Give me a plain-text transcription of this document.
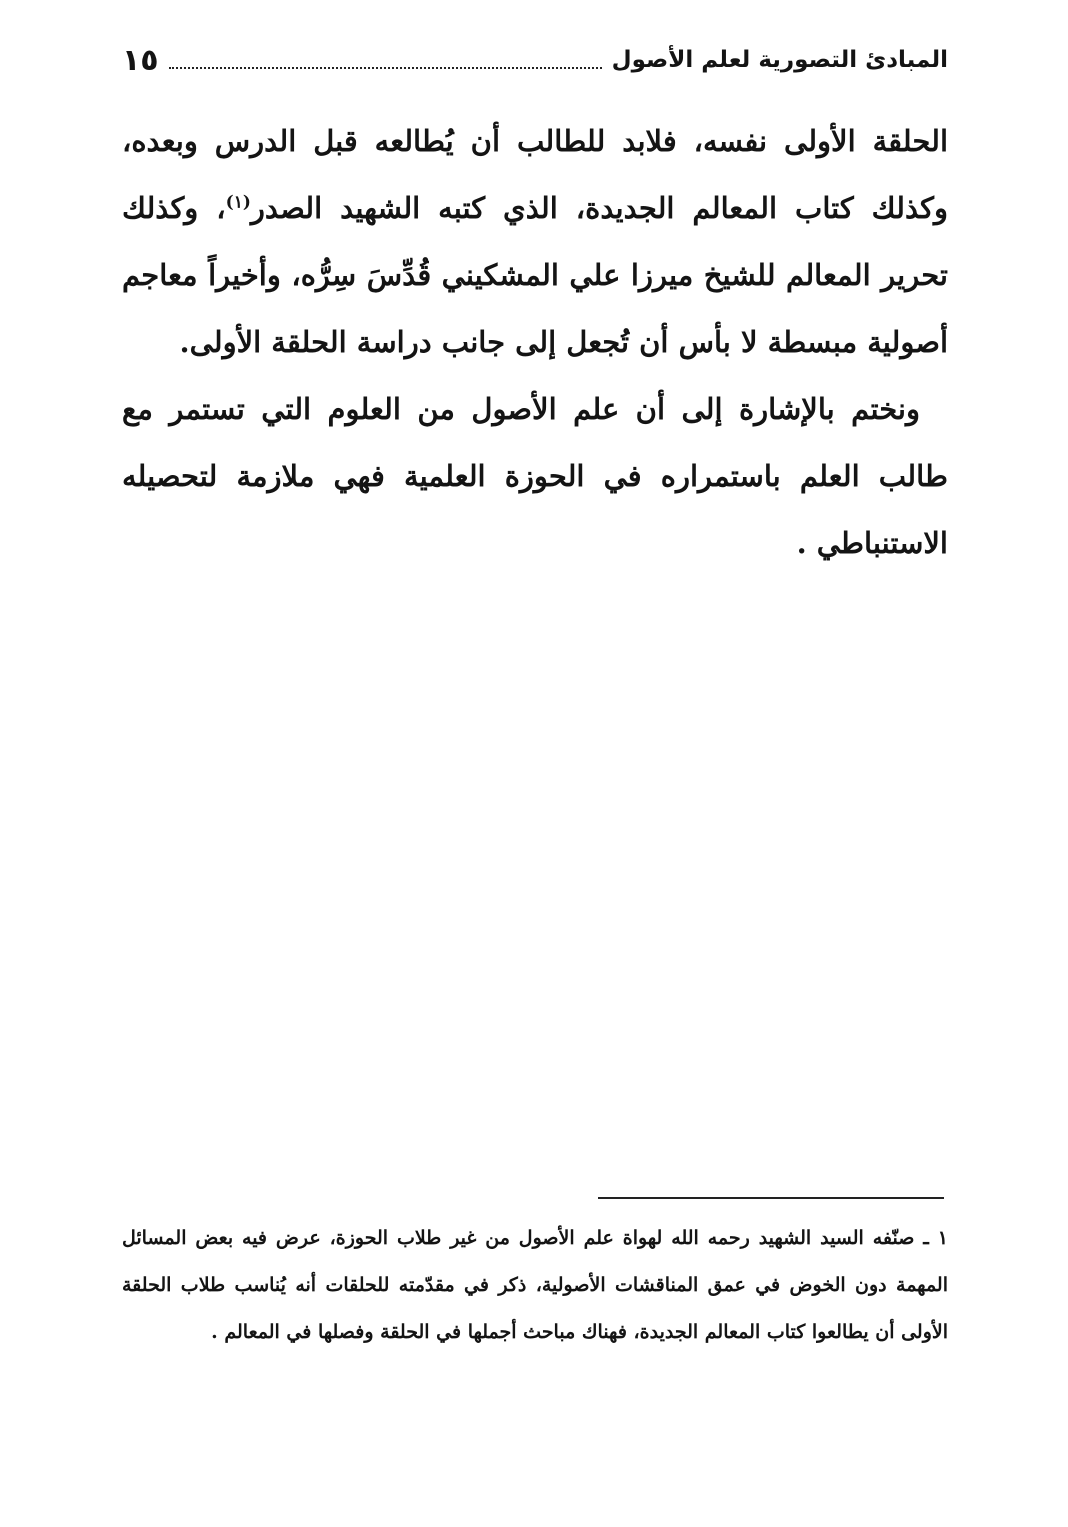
المبادئ التصورية لعلم الأصول
١٥

الحلقة الأولى نفسه، فلابد للطالب أن يُطالعه قبل الدرس وبعده، وكذلك كتاب المعالم الجديدة، الذي كتبه الشهيد الصدر$^{(١)}$، وكذلك تحرير المعالم للشيخ ميرزا علي المشكيني قُدِّسَ سِرُّه، وأخيراً معاجم أصولية مبسطة لا بأس أن تُجعل إلى جانب دراسة الحلقة الأولى.

ونختم بالإشارة إلى أن علم الأصول من العلوم التي تستمر مع طالب العلم باستمراره في الحوزة العلمية فهي ملازمة لتحصيله الاستنباطي .

١ ـ صنّفه السيد الشهيد رحمه الله لهواة علم الأصول من غير طلاب الحوزة، عرض فيه بعض المسائل المهمة دون الخوض في عمق المناقشات الأصولية، ذكر في مقدّمته للحلقات أنه يُناسب طلاب الحلقة الأولى أن يطالعوا كتاب المعالم الجديدة، فهناك مباحث أجملها في الحلقة وفصلها في المعالم .
